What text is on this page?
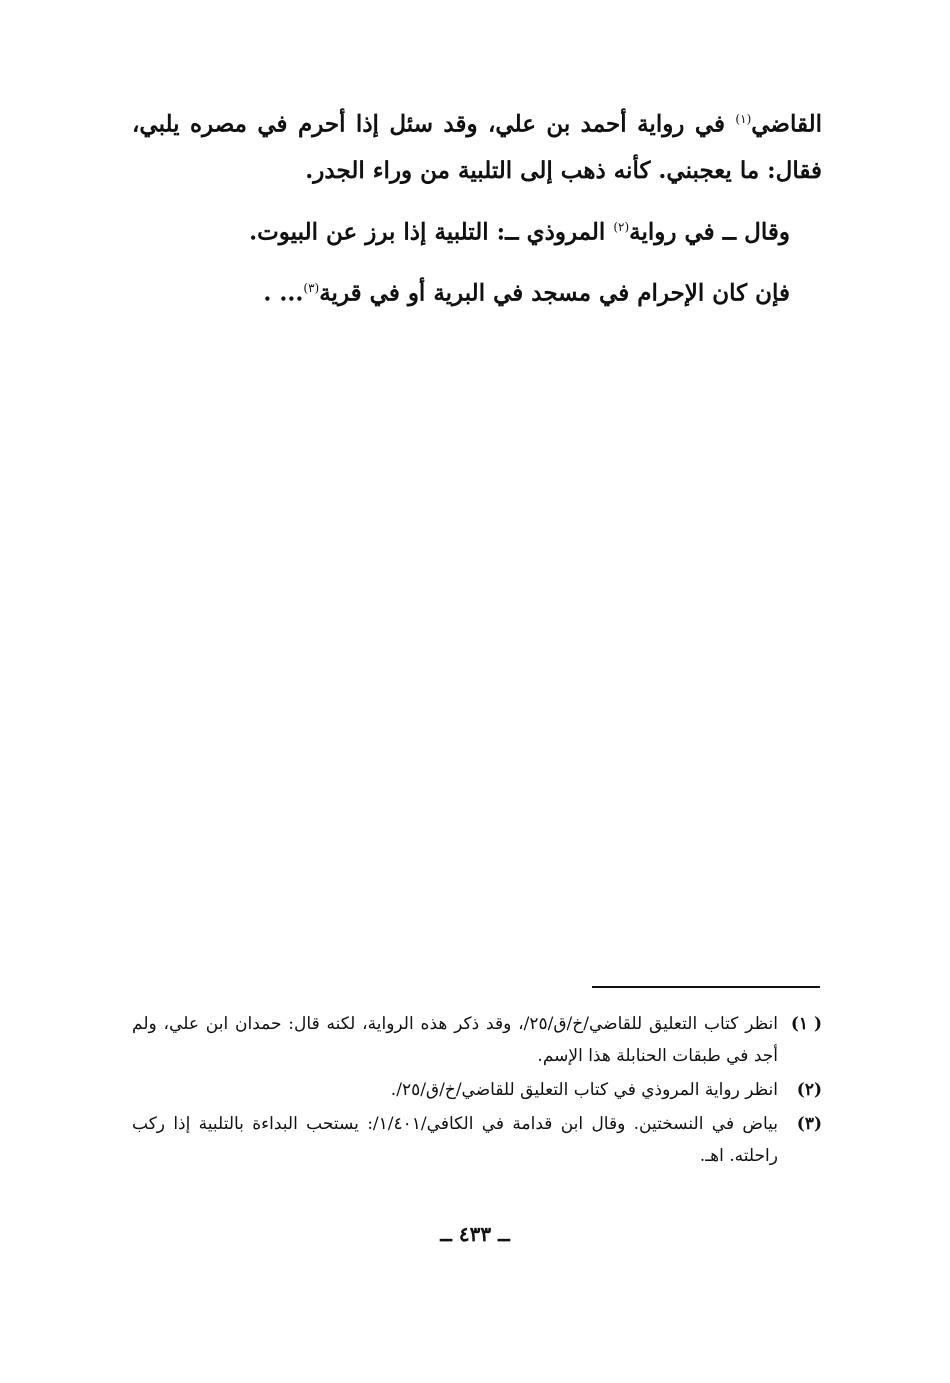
القاضي$^{(١)}$ في رواية أحمد بن علي، وقد سئل إذا أحرم في مصره يلبي، فقال: ما يعجبني. كأنه ذهب إلى التلبية من وراء الجدر.

وقال ــ في رواية$^{(٢)}$ المروذي ــ: التلبية إذا برز عن البيوت.

فإن كان الإحرام في مسجد في البرية أو في قرية$^{(٣)}$... .

( ١)
انظر كتاب التعليق للقاضي/خ/ق/٢٥/، وقد ذكر هذه الرواية، لكنه قال: حمدان ابن علي، ولم أجد في طبقات الحنابلة هذا الإسم.
(٢)
انظر رواية المروذي في كتاب التعليق للقاضي/خ/ق/٢٥/.
(٣)
بياض في النسختين. وقال ابن قدامة في الكافي/١/٤٠١/: يستحب البداءة بالتلبية إذا ركب راحلته. اهـ.
ــ ٤٣٣ ــ
